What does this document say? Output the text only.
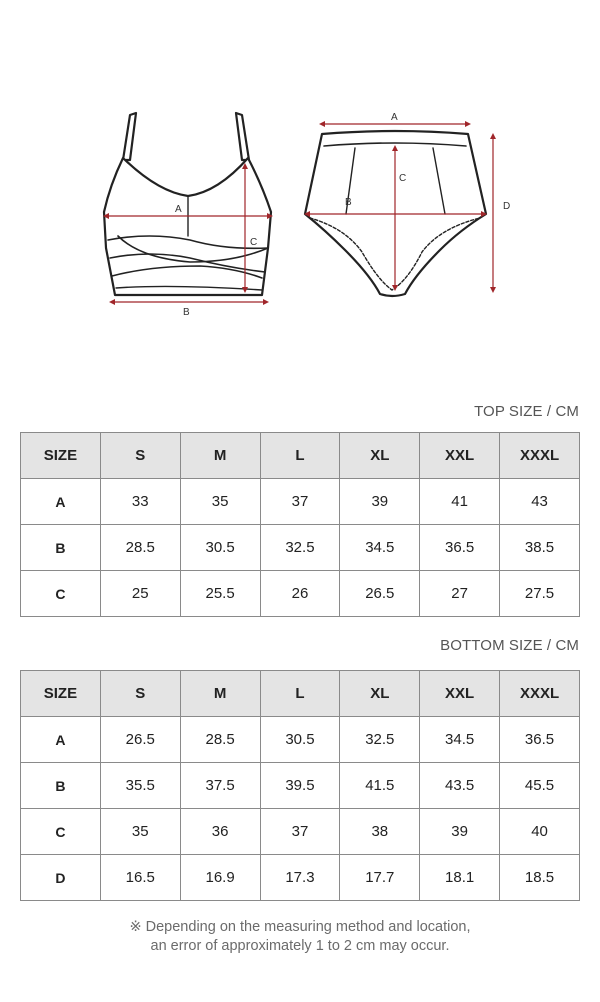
A
C
B
A
C
B	D
TOP SIZE / CM
SIZE	S	M	L	XL	XXL	XXXL
A	33	35	37	39	41	43
B	28.5	30.5	32.5	34.5	36.5	38.5
C	25	25.5	26	26.5	27	27.5
BOTTOM SIZE / CM
SIZE	S	M	L	XL	XXL	XXXL
A	26.5	28.5	30.5	32.5	34.5	36.5
B	35.5	37.5	39.5	41.5	43.5	45.5
C	35	36	37	38	39	40
D	16.5	16.9	17.3	17.7	18.1	18.5
※ Depending on the measuring method and location,
an error of approximately 1 to 2 cm may occur.
